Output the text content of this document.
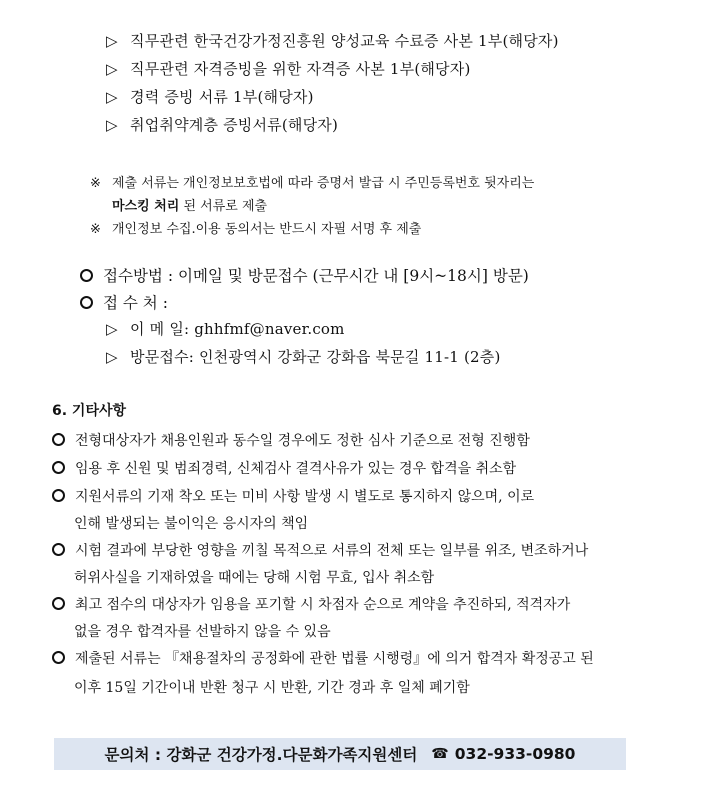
▷ 직무관련 한국건강가정진흥원 양성교육 수료증 사본 1부(해당자)
▷ 직무관련 자격증빙을 위한 자격증 사본 1부(해당자)
▷ 경력 증빙 서류 1부(해당자)
▷ 취업취약계층 증빙서류(해당자)
※ 제출 서류는 개인정보보호법에 따라 증명서 발급 시 주민등록번호 뒷자리는
마스킹 처리 된 서류로 제출
※ 개인정보 수집.이용 동의서는 반드시 자필 서명 후 제출
접수방법 : 이메일 및 방문접수 (근무시간 내 [9시~18시] 방문)
접 수 처 :
▷ 이 메 일: ghhfmf@naver.com
▷ 방문접수: 인천광역시 강화군 강화읍 북문길 11-1 (2층)
6. 기타사항
전형대상자가 채용인원과 동수일 경우에도 정한 심사 기준으로 전형 진행함
임용 후 신원 및 범죄경력, 신체검사 결격사유가 있는 경우 합격을 취소함
지원서류의 기재 착오 또는 미비 사항 발생 시 별도로 통지하지 않으며, 이로
인해 발생되는 불이익은 응시자의 책임
시험 결과에 부당한 영향을 끼칠 목적으로 서류의 전체 또는 일부를 위조, 변조하거나
허위사실을 기재하였을 때에는 당해 시험 무효, 입사 취소함
최고 점수의 대상자가 임용을 포기할 시 차점자 순으로 계약을 추진하되, 적격자가
없을 경우 합격자를 선발하지 않을 수 있음
제출된 서류는 『채용절차의 공정화에 관한 법률 시행령』에 의거 합격자 확정공고 된
이후 15일 기간이내 반환 청구 시 반환, 기간 경과 후 일체 폐기함
문의처 : 강화군 건강가정.다문화가족지원센터 ☎ 032-933-0980
